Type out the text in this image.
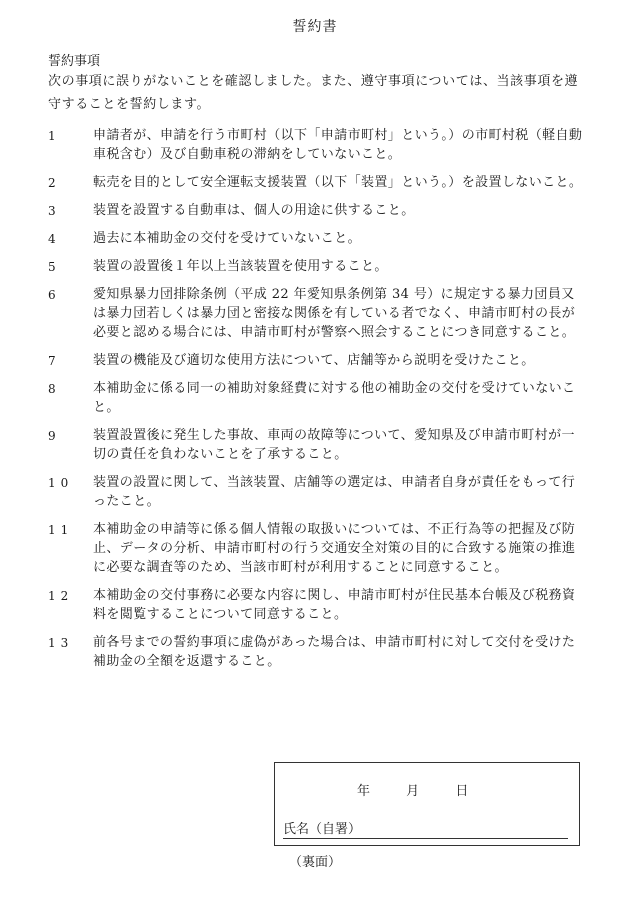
誓約書
誓約事項
次の事項に誤りがないことを確認しました。また、遵守事項については、当該事項を遵守することを誓約します。
1 申請者が、申請を行う市町村（以下「申請市町村」という。）の市町村税（軽自動車税含む）及び自動車税の滞納をしていないこと。
2 転売を目的として安全運転支援装置（以下「装置」という。）を設置しないこと。
3 装置を設置する自動車は、個人の用途に供すること。
4 過去に本補助金の交付を受けていないこと。
5 装置の設置後１年以上当該装置を使用すること。
6 愛知県暴力団排除条例（平成 22 年愛知県条例第 34 号）に規定する暴力団員又は暴力団若しくは暴力団と密接な関係を有している者でなく、申請市町村の長が必要と認める場合には、申請市町村が警察へ照会することにつき同意すること。
7 装置の機能及び適切な使用方法について、店舗等から説明を受けたこと。
8 本補助金に係る同一の補助対象経費に対する他の補助金の交付を受けていないこと。
9 装置設置後に発生した事故、車両の故障等について、愛知県及び申請市町村が一切の責任を負わないことを了承すること。
10 装置の設置に関して、当該装置、店舗等の選定は、申請者自身が責任をもって行ったこと。
11 本補助金の申請等に係る個人情報の取扱いについては、不正行為等の把握及び防止、データの分析、申請市町村の行う交通安全対策の目的に合致する施策の推進に必要な調査等のため、当該市町村が利用することに同意すること。
12 本補助金の交付事務に必要な内容に関し、申請市町村が住民基本台帳及び税務資料を閲覧することについて同意すること。
13 前各号までの誓約事項に虚偽があった場合は、申請市町村に対して交付を受けた補助金の全額を返還すること。
年	月	日
氏名（自署）
（裏面）
